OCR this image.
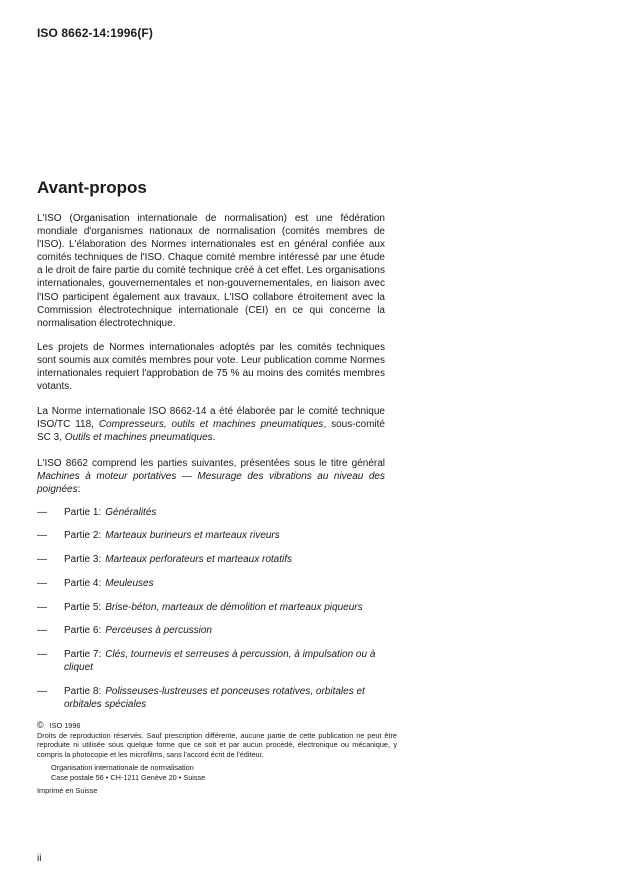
ISO 8662-14:1996(F)
Avant-propos

L'ISO (Organisation internationale de normalisation) est une fédération mondiale d'organismes nationaux de normalisation (comités membres de l'ISO). L'élaboration des Normes internationales est en général confiée aux comités techniques de l'ISO. Chaque comité membre intéressé par une étude a le droit de faire partie du comité technique créé à cet effet. Les organisations internationales, gouvernementales et non-gouvernementales, en liaison avec l'ISO participent également aux travaux. L'ISO collabore étroitement avec la Commission électrotechnique internationale (CEI) en ce qui concerne la normalisation électrotechnique.

Les projets de Normes internationales adoptés par les comités techniques sont soumis aux comités membres pour vote. Leur publication comme Normes internationales requiert l'approbation de 75 % au moins des comités membres votants.

La Norme internationale ISO 8662-14 a été élaborée par le comité technique ISO/TC 118, Compresseurs, outils et machines pneumatiques, sous-comité SC 3, Outils et machines pneumatiques.

L'ISO 8662 comprend les parties suivantes, présentées sous le titre général Machines à moteur portatives — Mesurage des vibrations au niveau des poignées:

— Partie 1: Généralités
— Partie 2: Marteaux burineurs et marteaux riveurs
— Partie 3: Marteaux perforateurs et marteaux rotatifs
— Partie 4: Meuleuses
— Partie 5: Brise-béton, marteaux de démolition et marteaux piqueurs
— Partie 6: Perceuses à percussion
— Partie 7: Clés, tournevis et serreuses à percussion, à impulsation ou à cliquet
— Partie 8: Polisseuses-lustreuses et ponceuses rotatives, orbitales et orbitales spéciales
© ISO 1996

Droits de reproduction réservés. Sauf prescription différente, aucune partie de cette publication ne peut être reproduite ni utilisée sous quelque forme que ce soit et par aucun procédé, électronique ou mécanique, y compris la photocopie et les microfilms, sans l'accord écrit de l'éditeur.

Organisation internationale de normalisation
Case postale 56 • CH-1211 Genève 20 • Suisse
Imprimé en Suisse
ii
